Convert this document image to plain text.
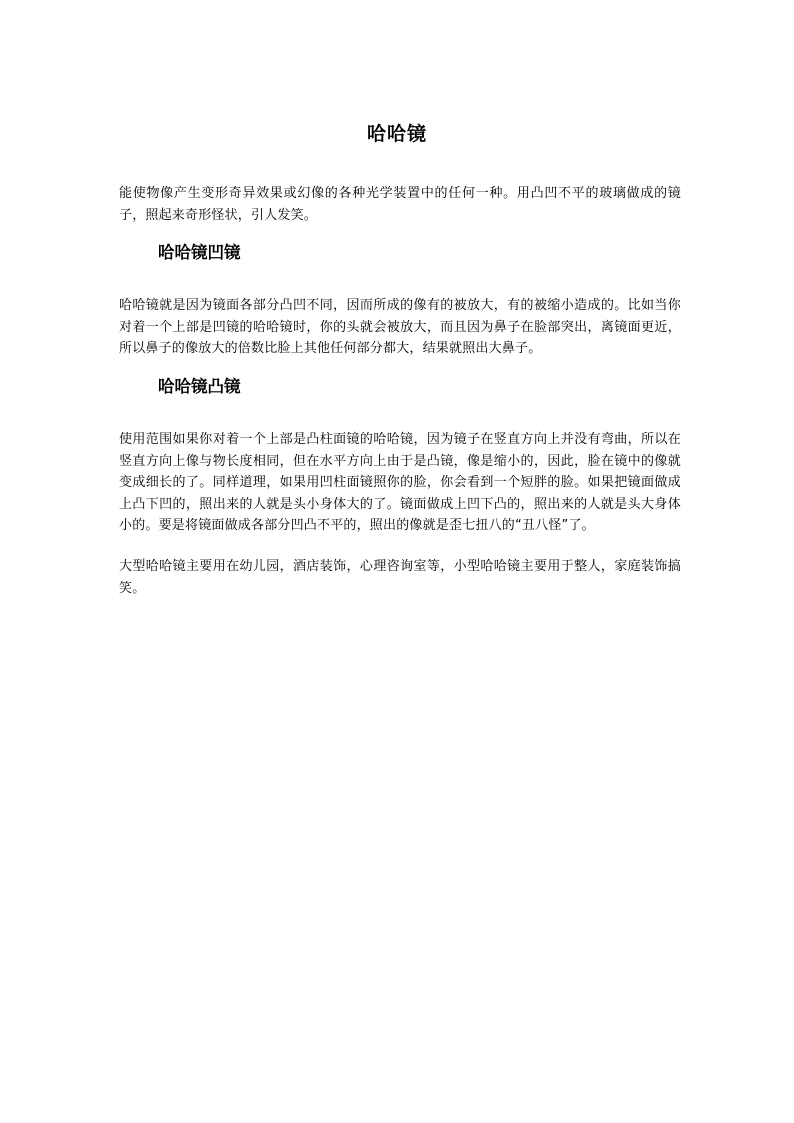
哈哈镜

能使物像产生变形奇异效果或幻像的各种光学装置中的任何一种。用凸凹不平的玻璃做成的镜子，照起来奇形怪状，引人发笑。

哈哈镜凹镜

哈哈镜就是因为镜面各部分凸凹不同，因而所成的像有的被放大，有的被缩小造成的。比如当你对着一个上部是凹镜的哈哈镜时，你的头就会被放大，而且因为鼻子在脸部突出，离镜面更近，所以鼻子的像放大的倍数比脸上其他任何部分都大，结果就照出大鼻子。

哈哈镜凸镜

使用范围如果你对着一个上部是凸柱面镜的哈哈镜，因为镜子在竖直方向上并没有弯曲，所以在竖直方向上像与物长度相同，但在水平方向上由于是凸镜，像是缩小的，因此，脸在镜中的像就变成细长的了。同样道理，如果用凹柱面镜照你的脸，你会看到一个短胖的脸。如果把镜面做成上凸下凹的，照出来的人就是头小身体大的了。镜面做成上凹下凸的，照出来的人就是头大身体小的。要是将镜面做成各部分凹凸不平的，照出的像就是歪七扭八的“丑八怪”了。

大型哈哈镜主要用在幼儿园，酒店装饰，心理咨询室等，小型哈哈镜主要用于整人，家庭装饰搞笑。
